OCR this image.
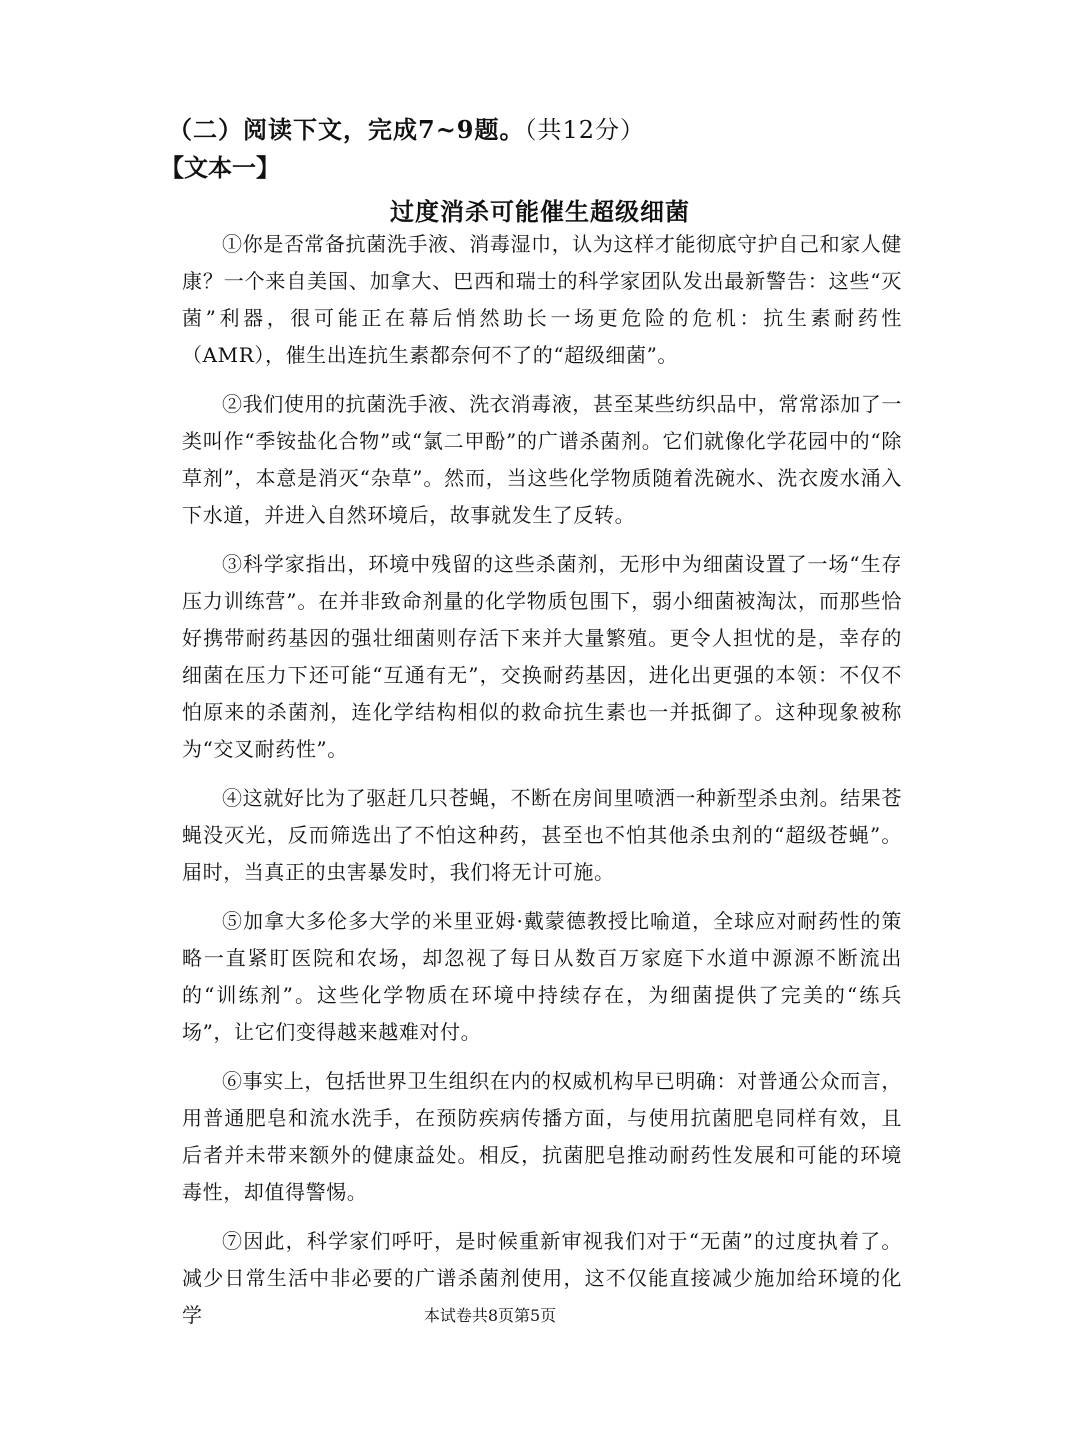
（二）阅读下文，完成7~9题。（共12分）
【文本一】
过度消杀可能催生超级细菌

①你是否常备抗菌洗手液、消毒湿巾，认为这样才能彻底守护自己和家人健康？一个来自美国、加拿大、巴西和瑞士的科学家团队发出最新警告：这些“灭菌”利器，很可能正在幕后悄然助长一场更危险的危机：抗生素耐药性（AMR），催生出连抗生素都奈何不了的“超级细菌”。

②我们使用的抗菌洗手液、洗衣消毒液，甚至某些纺织品中，常常添加了一类叫作“季铵盐化合物”或“氯二甲酚”的广谱杀菌剂。它们就像化学花园中的“除草剂”，本意是消灭“杂草”。然而，当这些化学物质随着洗碗水、洗衣废水涌入下水道，并进入自然环境后，故事就发生了反转。

③科学家指出，环境中残留的这些杀菌剂，无形中为细菌设置了一场“生存压力训练营”。在并非致命剂量的化学物质包围下，弱小细菌被淘汰，而那些恰好携带耐药基因的强壮细菌则存活下来并大量繁殖。更令人担忧的是，幸存的细菌在压力下还可能“互通有无”，交换耐药基因，进化出更强的本领：不仅不怕原来的杀菌剂，连化学结构相似的救命抗生素也一并抵御了。这种现象被称为“交叉耐药性”。

④这就好比为了驱赶几只苍蝇，不断在房间里喷洒一种新型杀虫剂。结果苍蝇没灭光，反而筛选出了不怕这种药，甚至也不怕其他杀虫剂的“超级苍蝇”。届时，当真正的虫害暴发时，我们将无计可施。

⑤加拿大多伦多大学的米里亚姆·戴蒙德教授比喻道，全球应对耐药性的策略一直紧盯医院和农场，却忽视了每日从数百万家庭下水道中源源不断流出的“训练剂”。这些化学物质在环境中持续存在，为细菌提供了完美的“练兵场”，让它们变得越来越难对付。

⑥事实上，包括世界卫生组织在内的权威机构早已明确：对普通公众而言，用普通肥皂和流水洗手，在预防疾病传播方面，与使用抗菌肥皂同样有效，且后者并未带来额外的健康益处。相反，抗菌肥皂推动耐药性发展和可能的环境毒性，却值得警惕。

⑦因此，科学家们呼吁，是时候重新审视我们对于“无菌”的过度执着了。减少日常生活中非必要的广谱杀菌剂使用，这不仅能直接减少施加给环境的化学	本试卷共8页第5页
